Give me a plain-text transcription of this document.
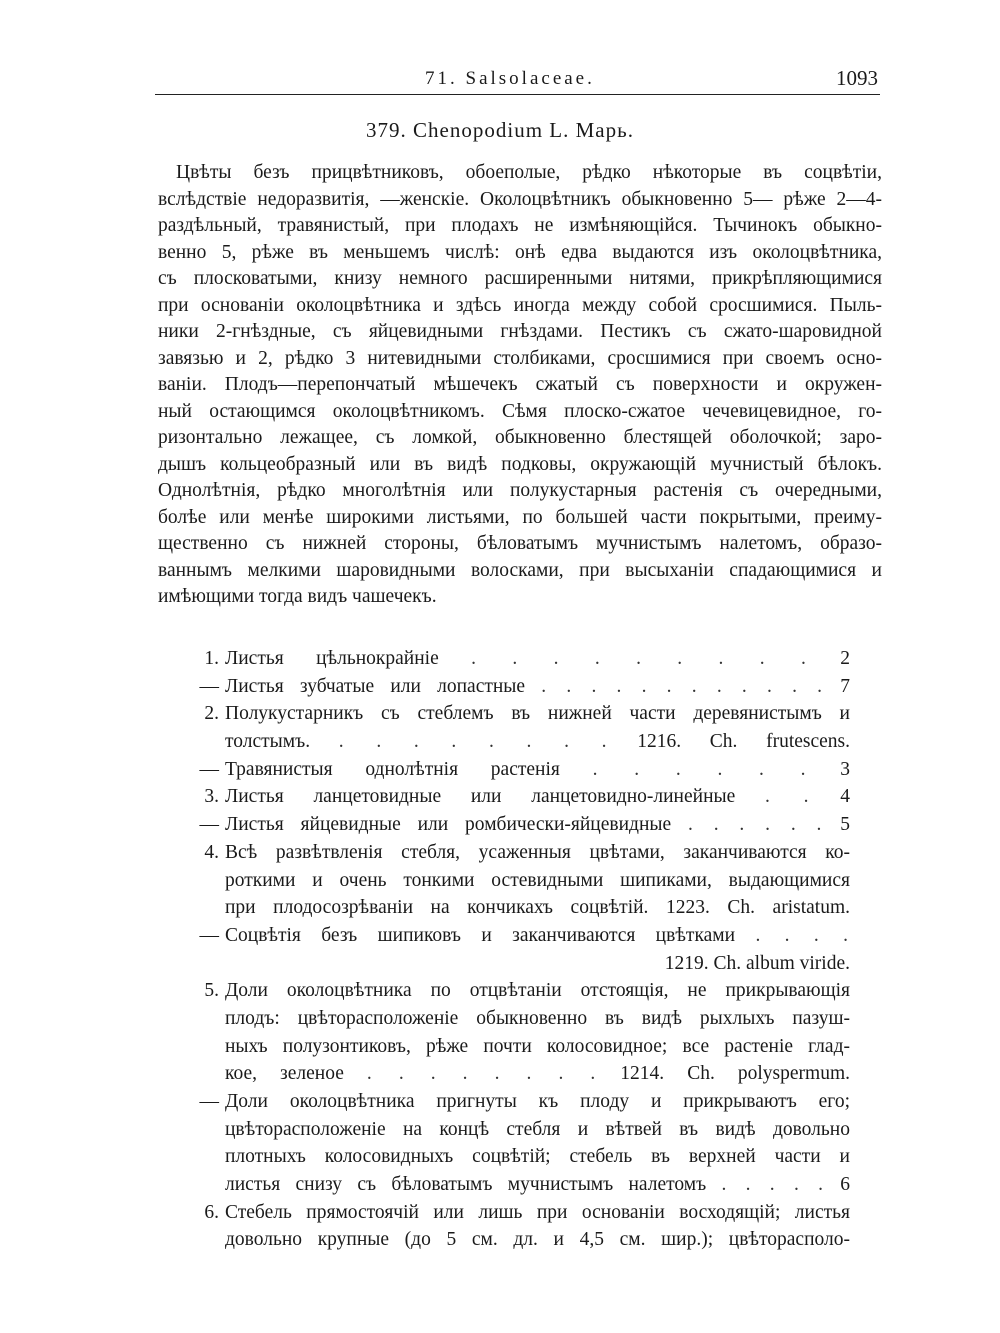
71. Salsolaceae.	1093
379. Chenopodium L. Марь.
Цвѣты безъ прицвѣтниковъ, обоеполые, рѣдко нѣкоторые въ соцвѣтіи,
вслѣдствіе недоразвитія, —женскіе. Околоцвѣтникъ обыкновенно 5— рѣже 2—4-
раздѣльный, травянистый, при плодахъ не измѣняющійся. Тычинокъ обыкно-
венно 5, рѣже въ меньшемъ числѣ: онѣ едва выдаются изъ околоцвѣтника,
съ плосковатыми, книзу немного расширенными нитями, прикрѣпляющимися
при основаніи околоцвѣтника и здѣсь иногда между собой сросшимися. Пыль-
ники 2-гнѣздные, съ яйцевидными гнѣздами. Пестикъ съ сжато-шаровидной
завязью и 2, рѣдко 3 нитевидными столбиками, сросшимися при своемъ осно-
ваніи. Плодъ—перепончатый мѣшечекъ сжатый съ поверхности и окружен-
ный остающимся околоцвѣтникомъ. Сѣмя плоско-сжатое чечевицевидное, го-
ризонтально лежащее, съ ломкой, обыкновенно блестящей оболочкой; заро-
дышъ кольцеобразный или въ видѣ подковы, окружающій мучнистый бѣлокъ.
Однолѣтнія, рѣдко многолѣтнія или полукустарныя растенія съ очередными,
болѣе или менѣе широкими листьями, по большей части покрытыми, преиму-
щественно съ нижней стороны, бѣловатымъ мучнистымъ налетомъ, образо-
ваннымъ мелкими шаровидными волосками, при высыханіи спадающимися и
имѣющими тогда видъ чашечекъ.
1. Листья цѣльнокрайніе . . . . . . . . . 2
— Листья зубчатые или лопастные . . . . . . . . . . . . 7
2. Полукустарникъ съ стеблемъ въ нижней части деревянистымъ и
толстымъ. . . . . . . . . 1216. Ch. frutescens.
— Травянистыя однолѣтнія растенія . . . . . . 3
3. Листья ланцетовидные или ланцетовидно-линейные . . 4
— Листья яйцевидные или ромбически-яйцевидные . . . . . . 5
4. Всѣ развѣтвленія стебля, усаженныя цвѣтами, заканчиваются ко-
роткими и очень тонкими остевидными шипиками, выдающимися
при плодосозрѣваніи на кончикахъ соцвѣтій. 1223. Ch. aristatum.
— Соцвѣтія безъ шипиковъ и заканчиваются цвѣтками . . . .
1219. Ch. album viride.
5. Доли околоцвѣтника по отцвѣтаніи отстоящія, не прикрывающія
плодъ: цвѣторасположеніе обыкновенно въ видѣ рыхлыхъ пазуш-
ныхъ полузонтиковъ, рѣже почти колосовидное; все растеніе глад-
кое, зеленое . . . . . . . . 1214. Ch. polyspermum.
— Доли околоцвѣтника пригнуты къ плоду и прикрываютъ его;
цвѣторасположеніе на концѣ стебля и вѣтвей въ видѣ довольно
плотныхъ колосовидныхъ соцвѣтій; стебель въ верхней части и
листья снизу съ бѣловатымъ мучнистымъ налетомъ . . . . . 6
6. Стебель прямостоячій или лишь при основаніи восходящій; листья
довольно крупные (до 5 см. дл. и 4,5 см. шир.); цвѣторасполо-
